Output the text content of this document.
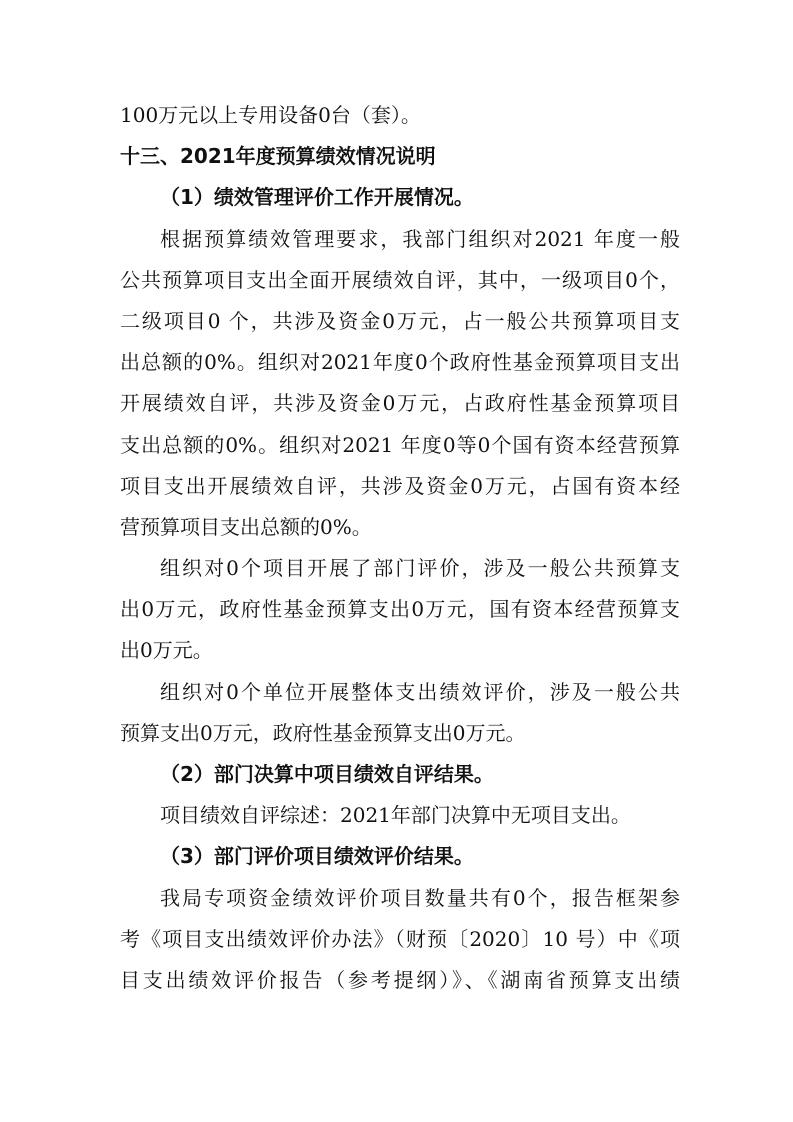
100万元以上专用设备0台（套）。
十三、2021年度预算绩效情况说明
（1）绩效管理评价工作开展情况。
根据预算绩效管理要求，我部门组织对2021 年度一般
公共预算项目支出全面开展绩效自评，其中，一级项目0个，
二级项目0 个，共涉及资金0万元，占一般公共预算项目支
出总额的0%。组织对2021年度0个政府性基金预算项目支出
开展绩效自评，共涉及资金0万元，占政府性基金预算项目
支出总额的0%。组织对2021 年度0等0个国有资本经营预算
项目支出开展绩效自评，共涉及资金0万元，占国有资本经
营预算项目支出总额的0%。
组织对0个项目开展了部门评价，涉及一般公共预算支
出0万元，政府性基金预算支出0万元，国有资本经营预算支
出0万元。
组织对0个单位开展整体支出绩效评价，涉及一般公共
预算支出0万元，政府性基金预算支出0万元。
（2）部门决算中项目绩效自评结果。
项目绩效自评综述：2021年部门决算中无项目支出。
（3）部门评价项目绩效评价结果。
我局专项资金绩效评价项目数量共有0个，报告框架参
考《项目支出绩效评价办法》（财预〔2020〕10 号）中《项
目支出绩效评价报告（参考提纲）》、《湖南省预算支出绩
